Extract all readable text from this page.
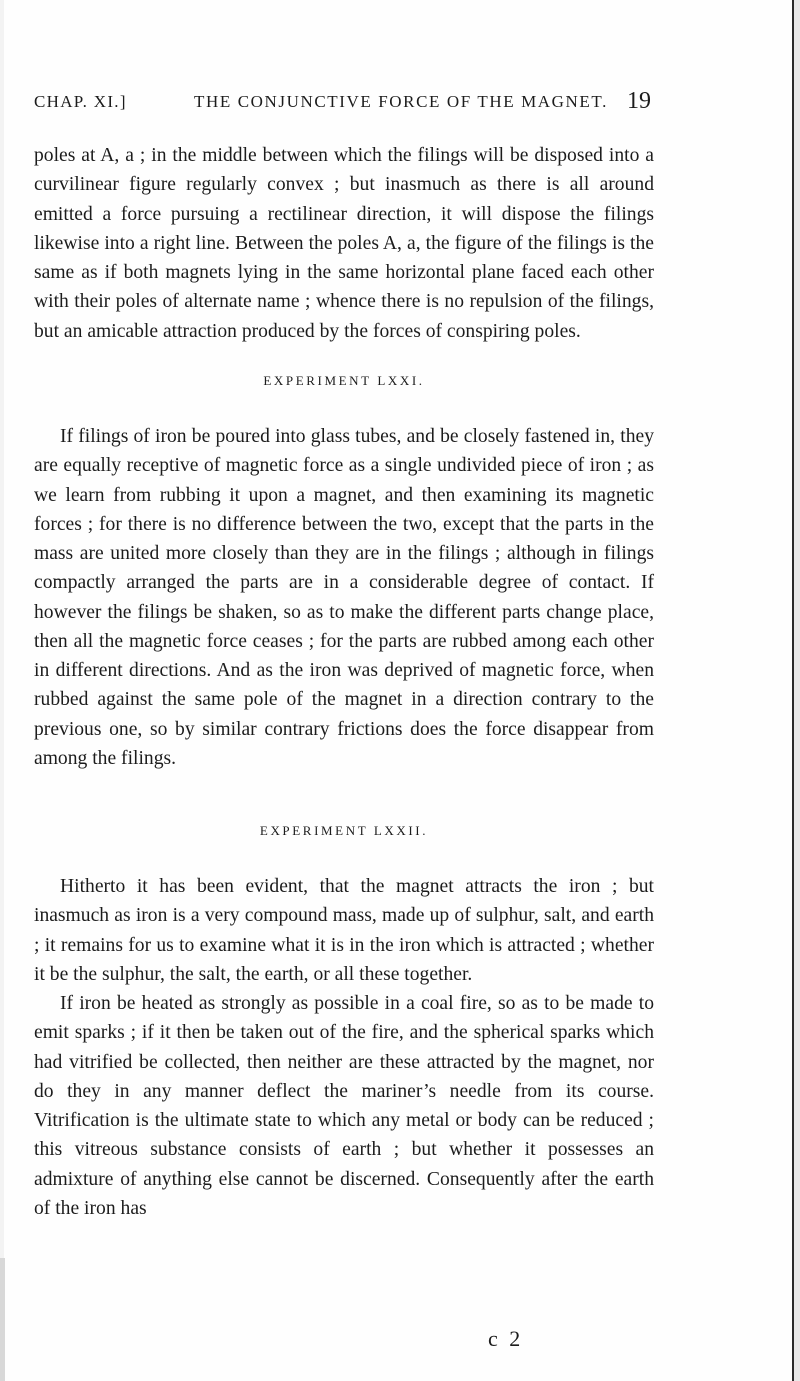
CHAP. XI.]	THE CONJUNCTIVE FORCE OF THE MAGNET. 19

poles at A, a ; in the middle between which the filings will be disposed into a curvilinear figure regularly convex ; but inasmuch as there is all around emitted a force pursuing a rectilinear direction, it will dispose the filings likewise into a right line. Between the poles A, a, the figure of the filings is the same as if both magnets lying in the same horizontal plane faced each other with their poles of alternate name ; whence there is no repulsion of the filings, but an amicable attraction produced by the forces of conspiring poles.

EXPERIMENT LXXI.

If filings of iron be poured into glass tubes, and be closely fastened in, they are equally receptive of magnetic force as a single undivided piece of iron ; as we learn from rubbing it upon a magnet, and then examining its magnetic forces ; for there is no difference between the two, except that the parts in the mass are united more closely than they are in the filings ; although in filings compactly arranged the parts are in a considerable degree of contact. If however the filings be shaken, so as to make the different parts change place, then all the magnetic force ceases ; for the parts are rubbed among each other in different directions. And as the iron was deprived of magnetic force, when rubbed against the same pole of the magnet in a direction contrary to the previous one, so by similar contrary frictions does the force disappear from among the filings.

EXPERIMENT LXXII.

Hitherto it has been evident, that the magnet attracts the iron ; but inasmuch as iron is a very compound mass, made up of sulphur, salt, and earth ; it remains for us to examine what it is in the iron which is attracted ; whether it be the sulphur, the salt, the earth, or all these together.

If iron be heated as strongly as possible in a coal fire, so as to be made to emit sparks ; if it then be taken out of the fire, and the spherical sparks which had vitrified be collected, then neither are these attracted by the magnet, nor do they in any manner deflect the mariner’s needle from its course. Vitrification is the ultimate state to which any metal or body can be reduced ; this vitreous substance consists of earth ; but whether it possesses an admixture of anything else cannot be discerned. Consequently after the earth of the iron has

c 2
